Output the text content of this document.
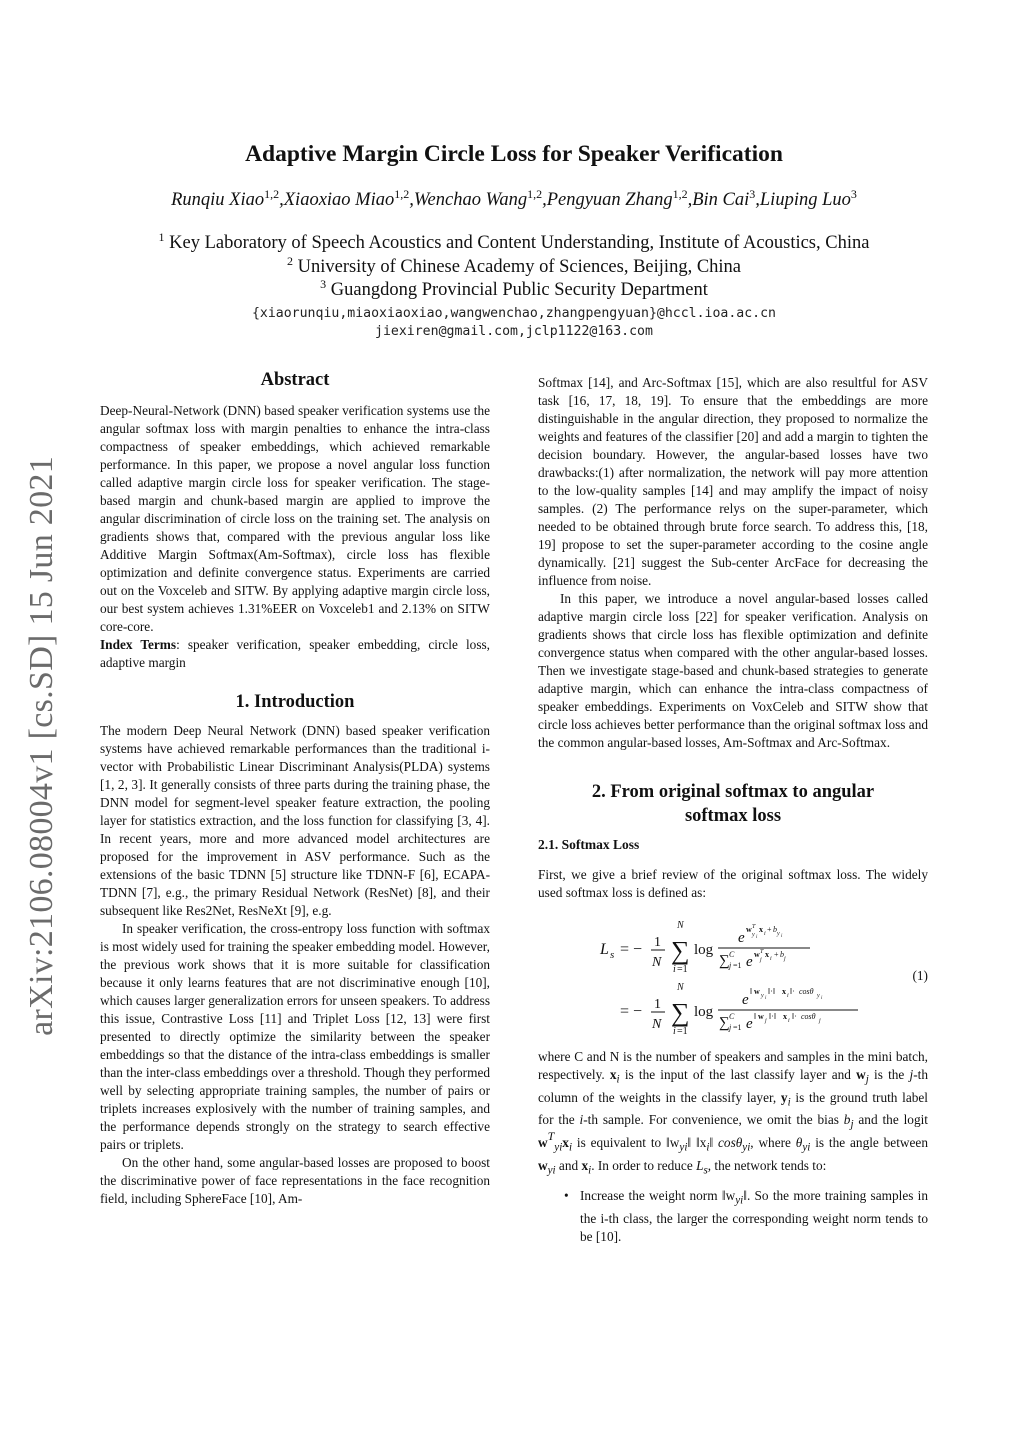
arXiv:2106.08004v1 [cs.SD] 15 Jun 2021
Adaptive Margin Circle Loss for Speaker Verification
Runqiu Xiao$^{1,2}$,Xiaoxiao Miao$^{1,2}$,Wenchao Wang$^{1,2}$,Pengyuan Zhang$^{1,2}$,Bin Cai$^3$,Liuping Luo$^3$
$^1$ Key Laboratory of Speech Acoustics and Content Understanding, Institute of Acoustics, China
$^2$ University of Chinese Academy of Sciences, Beijing, China
$^3$ Guangdong Provincial Public Security Department
{xiaorunqiu,miaoxiaoxiao,wangwenchao,zhangpengyuan}@hccl.ioa.ac.cn
jiexiren@gmail.com,jclp1122@163.com
Abstract

Deep-Neural-Network (DNN) based speaker verification systems use the angular softmax loss with margin penalties to enhance the intra-class compactness of speaker embeddings, which achieved remarkable performance. In this paper, we propose a novel angular loss function called adaptive margin circle loss for speaker verification. The stage-based margin and chunk-based margin are applied to improve the angular discrimination of circle loss on the training set. The analysis on gradients shows that, compared with the previous angular loss like Additive Margin Softmax(Am-Softmax), circle loss has flexible optimization and definite convergence status. Experiments are carried out on the Voxceleb and SITW. By applying adaptive margin circle loss, our best system achieves 1.31%EER on Voxceleb1 and 2.13% on SITW core-core.

Index Terms: speaker verification, speaker embedding, circle loss, adaptive margin

1. Introduction

The modern Deep Neural Network (DNN) based speaker verification systems have achieved remarkable performances than the traditional i-vector with Probabilistic Linear Discriminant Analysis(PLDA) systems [1, 2, 3]. It generally consists of three parts during the training phase, the DNN model for segment-level speaker feature extraction, the pooling layer for statistics extraction, and the loss function for classifying [3, 4]. In recent years, more and more advanced model architectures are proposed for the improvement in ASV performance. Such as the extensions of the basic TDNN [5] structure like TDNN-F [6], ECAPA-TDNN [7], e.g., the primary Residual Network (ResNet) [8], and their subsequent like Res2Net, ResNeXt [9], e.g.

In speaker verification, the cross-entropy loss function with softmax is most widely used for training the speaker embedding model. However, the previous work shows that it is more suitable for classification because it only learns features that are not discriminative enough [10], which causes larger generalization errors for unseen speakers. To address this issue, Contrastive Loss [11] and Triplet Loss [12, 13] were first presented to directly optimize the similarity between the speaker embeddings so that the distance of the intra-class embeddings is smaller than the inter-class embeddings over a threshold. Though they performed well by selecting appropriate training samples, the number of pairs or triplets increases explosively with the number of training samples, and the performance depends strongly on the strategy to search effective pairs or triplets.

On the other hand, some angular-based losses are proposed to boost the discriminative power of face representations in the face recognition field, including SphereFace [10], Am-

Softmax [14], and Arc-Softmax [15], which are also resultful for ASV task [16, 17, 18, 19]. To ensure that the embeddings are more distinguishable in the angular direction, they proposed to normalize the weights and features of the classifier [20] and add a margin to tighten the decision boundary. However, the angular-based losses have two drawbacks:(1) after normalization, the network will pay more attention to the low-quality samples [14] and may amplify the impact of noisy samples. (2) The performance relys on the super-parameter, which needed to be obtained through brute force search. To address this, [18, 19] propose to set the super-parameter according to the cosine angle dynamically. [21] suggest the Sub-center ArcFace for decreasing the influence from noise.

In this paper, we introduce a novel angular-based losses called adaptive margin circle loss [22] for speaker verification. Analysis on gradients shows that circle loss has flexible optimization and definite convergence status when compared with the other angular-based losses. Then we investigate stage-based and chunk-based strategies to generate adaptive margin, which can enhance the intra-class compactness of speaker embeddings. Experiments on VoxCeleb and SITW show that circle loss achieves better performance than the original softmax loss and the common angular-based losses, Am-Softmax and Arc-Softmax.

2. From original softmax to angular
softmax loss
2.1. Softmax Loss

First, we give a brief review of the original softmax loss. The widely used softmax loss is defined as:

L s = − 1
N
N
∑
i =1
log
e
w T
y i
x i + b y i
∑ C
j =1 e w T
j
x i + b j
= − 1
N
N
∑
i =1
log
e
‖ w y i
‖·‖ x i ‖· cosθ y i
∑ C
j =1 e ‖ w j ‖·‖ x i ‖· cosθ j
(1)

where C and N is the number of speakers and samples in the mini batch, respectively. $x_i$ is the input of the last classify layer and $w_j$ is the j-th column of the weights in the classify layer, $y_i$ is the ground truth label for the i-th sample. For convenience, we omit the bias $b_j$ and the logit $w^T_{yi}x_i$ is equivalent to $‖w_{yi}‖$ $‖x_i‖$ cosθ$_{yi}$, where $\theta_{yi}$ is the angle between $w_{yi}$ and $x_i$. In order to reduce $L_s$, the network tends to:

• Increase the weight norm $‖w_{yi}‖$. So the more training samples in the i-th class, the larger the corresponding weight norm tends to be [10].
